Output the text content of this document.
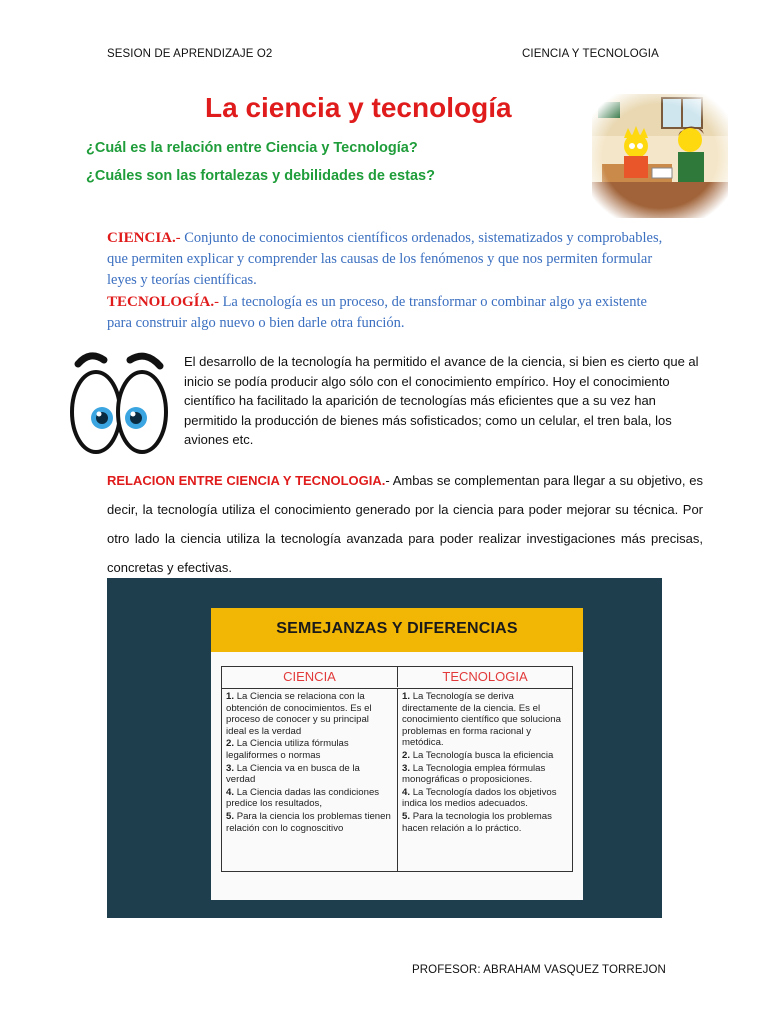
SESION DE APRENDIZAJE O2	CIENCIA Y TECNOLOGIA
La ciencia y tecnología
¿Cuál es la relación entre Ciencia y Tecnología?
¿Cuáles son las fortalezas y debilidades de estas?
CIENCIA.- Conjunto de conocimientos científicos ordenados, sistematizados y comprobables, que permiten explicar y comprender las causas de los fenómenos y que nos permiten formular leyes y teorías científicas.
TECNOLOGÍA.- La tecnología es un proceso, de transformar o combinar algo ya existente para construir algo nuevo o bien darle otra función.
El desarrollo de la tecnología ha permitido el avance de la ciencia, si bien es cierto que al inicio se podía producir algo sólo con el conocimiento empírico. Hoy el conocimiento científico ha facilitado la aparición de tecnologías más eficientes que a su vez han permitido la producción de bienes más sofisticados; como un celular, el tren bala, los aviones etc.
RELACION ENTRE CIENCIA Y TECNOLOGIA.- Ambas se complementan para llegar a su objetivo, es decir, la tecnología utiliza el conocimiento generado por la ciencia para poder mejorar su técnica. Por otro lado la ciencia utiliza la tecnología avanzada para poder realizar investigaciones más precisas, concretas y efectivas.
SEMEJANZAS Y DIFERENCIAS
CIENCIA	TECNOLOGIA
1. La Ciencia se relaciona con la obtención de conocimientos. Es el proceso de conocer y su principal ideal es la verdad
2. La Ciencia utiliza fórmulas legaliformes o normas
3. La Ciencia va en busca de la verdad
4. La Ciencia dadas las condiciones predice los resultados,
5. Para la ciencia los problemas tienen relación con lo cognoscitivo
1. La Tecnología se deriva directamente de la ciencia. Es el conocimiento científico que soluciona problemas en forma racional y metódica.
2. La Tecnología busca la eficiencia
3. La Tecnologia emplea fórmulas monográficas o proposiciones.
4. La Tecnología dados los objetivos indica los medios adecuados.
5. Para la tecnologia los problemas hacen relación a lo práctico.
PROFESOR: ABRAHAM VASQUEZ TORREJON
